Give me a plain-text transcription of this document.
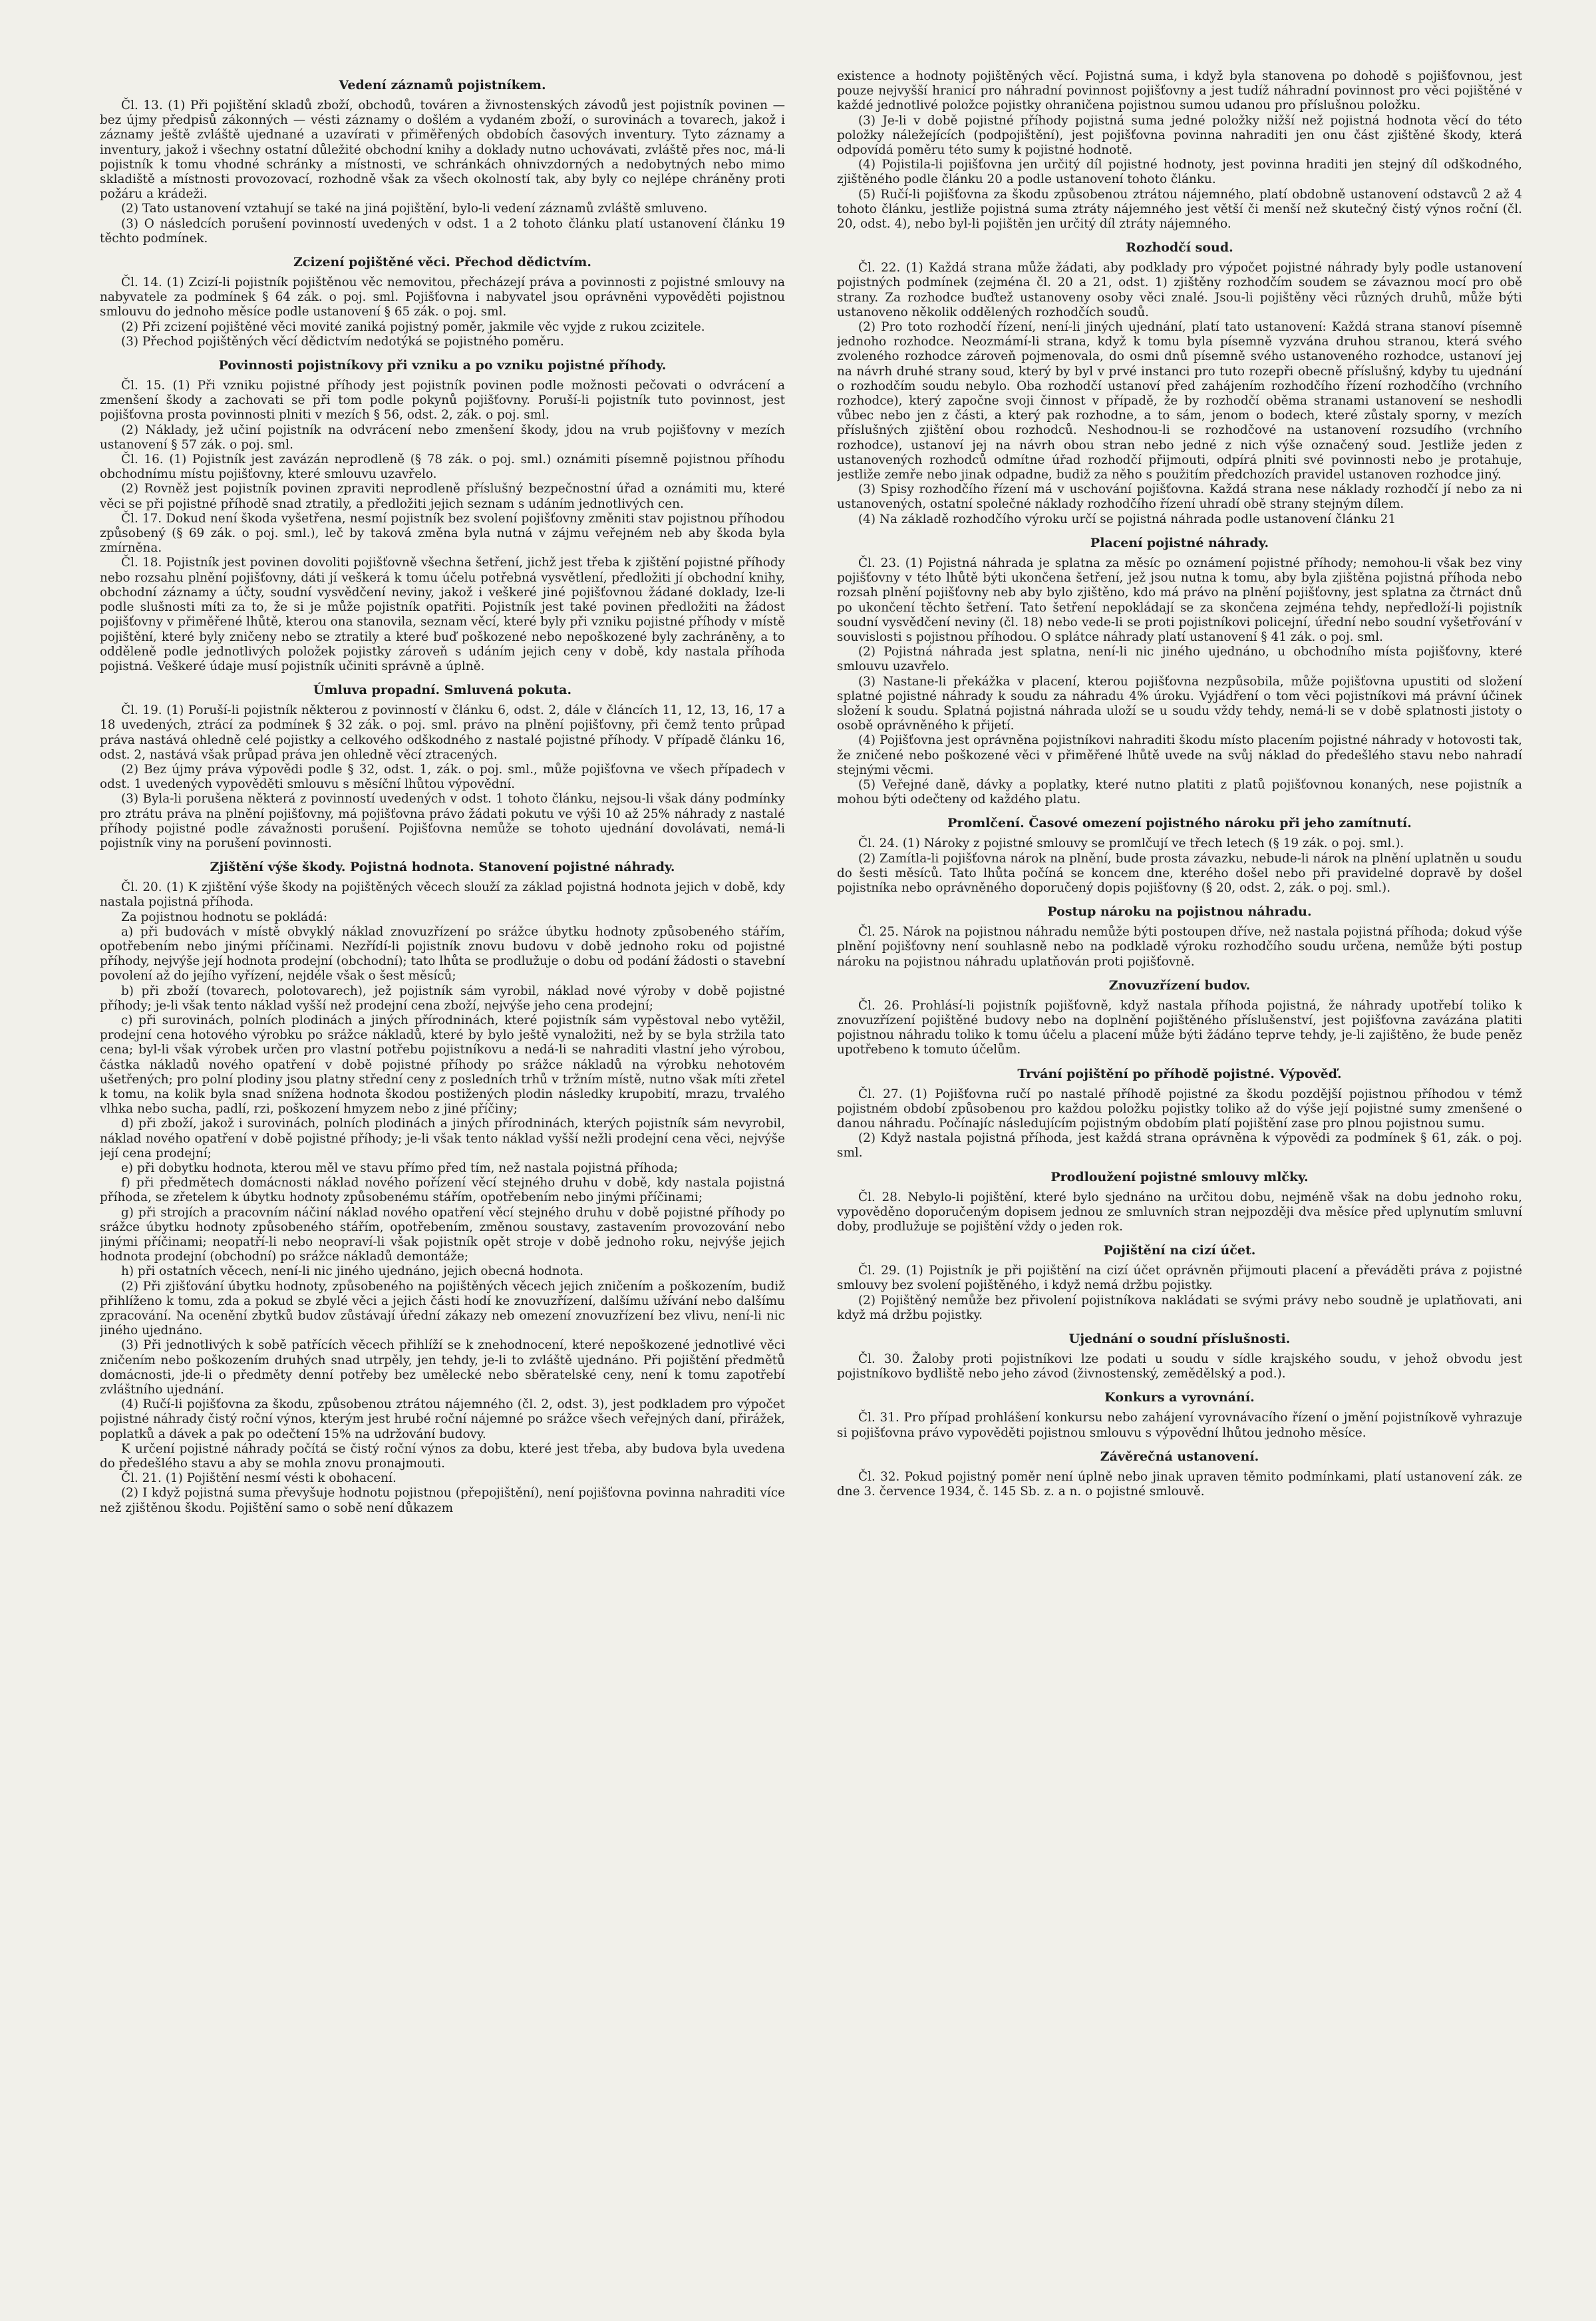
Vedení záznamů pojistníkem.

Čl. 13. (1) Při pojištění skladů zboží, obchodů, továren a živnostenských závodů jest pojistník povinen — bez újmy předpisů zákonných — vésti záznamy o došlém a vydaném zboží, o surovinách a tovarech, jakož i záznamy ještě zvláště ujednané a uzavírati v přiměřených obdobích časových inventury. Tyto záznamy a inventury, jakož i všechny ostatní důležité obchodní knihy a doklady nutno uchovávati, zvláště přes noc, má-li pojistník k tomu vhodné schránky a místnosti, ve schránkách ohnivzdorných a nedobytných nebo mimo skladiště a místnosti provozovací, rozhodně však za všech okolností tak, aby byly co nejlépe chráněny proti požáru a krádeži.

(2) Tato ustanovení vztahují se také na jiná pojištění, bylo-li vedení záznamů zvláště smluveno.

(3) O následcích porušení povinností uvedených v odst. 1 a 2 tohoto článku platí ustanovení článku 19 těchto podmínek.

Zcizení pojištěné věci. Přechod dědictvím.

Čl. 14. (1) Zcizí-li pojistník pojištěnou věc nemovitou, přecházejí práva a povinnosti z pojistné smlouvy na nabyvatele za podmínek § 64 zák. o poj. sml. Pojišťovna i nabyvatel jsou oprávněni vypověděti pojistnou smlouvu do jednoho měsíce podle ustanovení § 65 zák. o poj. sml.

(2) Při zcizení pojištěné věci movité zaniká pojistný poměr, jakmile věc vyjde z rukou zcizitele.

(3) Přechod pojištěných věcí dědictvím nedotýká se pojistného poměru.

Povinnosti pojistníkovy při vzniku a po vzniku pojistné příhody.

Čl. 15. (1) Při vzniku pojistné příhody jest pojistník povinen podle možnosti pečovati o odvrácení a zmenšení škody a zachovati se při tom podle pokynů pojišťovny. Poruší-li pojistník tuto povinnost, jest pojišťovna prosta povinnosti plniti v mezích § 56, odst. 2, zák. o poj. sml.

(2) Náklady, jež učiní pojistník na odvrácení nebo zmenšení škody, jdou na vrub pojišťovny v mezích ustanovení § 57 zák. o poj. sml.

Čl. 16. (1) Pojistník jest zavázán neprodleně (§ 78 zák. o poj. sml.) oznámiti písemně pojistnou příhodu obchodnímu místu pojišťovny, které smlouvu uzavřelo.

(2) Rovněž jest pojistník povinen zpraviti neprodleně příslušný bezpečnostní úřad a oznámiti mu, které věci se při pojistné příhodě snad ztratily, a předložiti jejich seznam s udáním jednotlivých cen.

Čl. 17. Dokud není škoda vyšetřena, nesmí pojistník bez svolení pojišťovny změniti stav pojistnou příhodou způsobený (§ 69 zák. o poj. sml.), leč by taková změna byla nutná v zájmu veřejném neb aby škoda byla zmírněna.

Čl. 18. Pojistník jest povinen dovoliti pojišťovně všechna šetření, jichž jest třeba k zjištění pojistné příhody nebo rozsahu plnění pojišťovny, dáti jí veškerá k tomu účelu potřebná vysvětlení, předložiti jí obchodní knihy, obchodní záznamy a účty, soudní vysvědčení neviny, jakož i veškeré jiné pojišťovnou žádané doklady, lze-li podle slušnosti míti za to, že si je může pojistník opatřiti. Pojistník jest také povinen předložiti na žádost pojišťovny v přiměřené lhůtě, kterou ona stanovila, seznam věcí, které byly při vzniku pojistné příhody v místě pojištění, které byly zničeny nebo se ztratily a které buď poškozené nebo nepoškozené byly zachráněny, a to odděleně podle jednotlivých položek pojistky zároveň s udáním jejich ceny v době, kdy nastala příhoda pojistná. Veškeré údaje musí pojistník učiniti správně a úplně.

Úmluva propadní. Smluvená pokuta.

Čl. 19. (1) Poruší-li pojistník některou z povinností v článku 6, odst. 2, dále v článcích 11, 12, 13, 16, 17 a 18 uvedených, ztrácí za podmínek § 32 zák. o poj. sml. právo na plnění pojišťovny, při čemž tento průpad práva nastává ohledně celé pojistky a celkového odškodného z nastalé pojistné příhody. V případě článku 16, odst. 2, nastává však průpad práva jen ohledně věcí ztracených.

(2) Bez újmy práva výpovědi podle § 32, odst. 1, zák. o poj. sml., může pojišťovna ve všech případech v odst. 1 uvedených vypověděti smlouvu s měsíční lhůtou výpovědní.

(3) Byla-li porušena některá z povinností uvedených v odst. 1 tohoto článku, nejsou-li však dány podmínky pro ztrátu práva na plnění pojišťovny, má pojišťovna právo žádati pokutu ve výši 10 až 25% náhrady z nastalé příhody pojistné podle závažnosti porušení. Pojišťovna nemůže se tohoto ujednání dovolávati, nemá-li pojistník viny na porušení povinnosti.

Zjištění výše škody. Pojistná hodnota. Stanovení pojistné náhrady.

Čl. 20. (1) K zjištění výše škody na pojištěných věcech slouží za základ pojistná hodnota jejich v době, kdy nastala pojistná příhoda.

Za pojistnou hodnotu se pokládá:

a) při budovách v místě obvyklý náklad znovuzřízení po srážce úbytku hodnoty způsobeného stářím, opotřebením nebo jinými příčinami. Nezřídí-li pojistník znovu budovu v době jednoho roku od pojistné příhody, nejvýše její hodnota prodejní (obchodní); tato lhůta se prodlužuje o dobu od podání žádosti o stavební povolení až do jejího vyřízení, nejdéle však o šest měsíců;

b) při zboží (tovarech, polotovarech), jež pojistník sám vyrobil, náklad nové výroby v době pojistné příhody; je-li však tento náklad vyšší než prodejní cena zboží, nejvýše jeho cena prodejní;

c) při surovinách, polních plodinách a jiných přírodninách, které pojistník sám vypěstoval nebo vytěžil, prodejní cena hotového výrobku po srážce nákladů, které by bylo ještě vynaložiti, než by se byla stržila tato cena; byl-li však výrobek určen pro vlastní potřebu pojistníkovu a nedá-li se nahraditi vlastní jeho výrobou, částka nákladů nového opatření v době pojistné příhody po srážce nákladů na výrobku nehotovém ušetřených; pro polní plodiny jsou platny střední ceny z posledních trhů v tržním místě, nutno však míti zřetel k tomu, na kolik byla snad snížena hodnota škodou postižených plodin následky krupobití, mrazu, trvalého vlhka nebo sucha, padlí, rzi, poškození hmyzem nebo z jiné příčiny;

d) při zboží, jakož i surovinách, polních plodinách a jiných přírodninách, kterých pojistník sám nevyrobil, náklad nového opatření v době pojistné příhody; je-li však tento náklad vyšší nežli prodejní cena věci, nejvýše její cena prodejní;

e) při dobytku hodnota, kterou měl ve stavu přímo před tím, než nastala pojistná příhoda;

f) při předmětech domácnosti náklad nového pořízení věcí stejného druhu v době, kdy nastala pojistná příhoda, se zřetelem k úbytku hodnoty způsobenému stářím, opotřebením nebo jinými příčinami;

g) při strojích a pracovním náčiní náklad nového opatření věcí stejného druhu v době pojistné příhody po srážce úbytku hodnoty způsobeného stářím, opotřebením, změnou soustavy, zastavením provozování nebo jinými příčinami; neopatří-li nebo neopraví-li však pojistník opět stroje v době jednoho roku, nejvýše jejich hodnota prodejní (obchodní) po srážce nákladů demontáže;

h) při ostatních věcech, není-li nic jiného ujednáno, jejich obecná hodnota.

(2) Při zjišťování úbytku hodnoty, způsobeného na pojištěných věcech jejich zničením a poškozením, budiž přihlíženo k tomu, zda a pokud se zbylé věci a jejich části hodí ke znovuzřízení, dalšímu užívání nebo dalšímu zpracování. Na ocenění zbytků budov zůstávají úřední zákazy neb omezení znovuzřízení bez vlivu, není-li nic jiného ujednáno.

(3) Při jednotlivých k sobě patřících věcech přihlíží se k znehodnocení, které nepoškozené jednotlivé věci zničením nebo poškozením druhých snad utrpěly, jen tehdy, je-li to zvláště ujednáno. Při pojištění předmětů domácnosti, jde-li o předměty denní potřeby bez umělecké nebo sběratelské ceny, není k tomu zapotřebí zvláštního ujednání.

(4) Ručí-li pojišťovna za škodu, způsobenou ztrátou nájemného (čl. 2, odst. 3), jest podkladem pro výpočet pojistné náhrady čistý roční výnos, kterým jest hrubé roční nájemné po srážce všech veřejných daní, přirážek, poplatků a dávek a pak po odečtení 15% na udržování budovy.

K určení pojistné náhrady počítá se čistý roční výnos za dobu, které jest třeba, aby budova byla uvedena do předešlého stavu a aby se mohla znovu pronajmouti.

Čl. 21. (1) Pojištění nesmí vésti k obohacení.

(2) I když pojistná suma převyšuje hodnotu pojistnou (přepojištění), není pojišťovna povinna nahraditi více než zjištěnou škodu. Pojištění samo o sobě není důkazem

existence a hodnoty pojištěných věcí. Pojistná suma, i když byla stanovena po dohodě s pojišťovnou, jest pouze nejvyšší hranicí pro náhradní povinnost pojišťovny a jest tudíž náhradní povinnost pro věci pojištěné v každé jednotlivé položce pojistky ohraničena pojistnou sumou udanou pro příslušnou položku.

(3) Je-li v době pojistné příhody pojistná suma jedné položky nižší než pojistná hodnota věcí do této položky náležejících (podpojištění), jest pojišťovna povinna nahraditi jen onu část zjištěné škody, která odpovídá poměru této sumy k pojistné hodnotě.

(4) Pojistila-li pojišťovna jen určitý díl pojistné hodnoty, jest povinna hraditi jen stejný díl odškodného, zjištěného podle článku 20 a podle ustanovení tohoto článku.

(5) Ručí-li pojišťovna za škodu způsobenou ztrátou nájemného, platí obdobně ustanovení odstavců 2 až 4 tohoto článku, jestliže pojistná suma ztráty nájemného jest větší či menší než skutečný čistý výnos roční (čl. 20, odst. 4), nebo byl-li pojištěn jen určitý díl ztráty nájemného.

Rozhodčí soud.

Čl. 22. (1) Každá strana může žádati, aby podklady pro výpočet pojistné náhrady byly podle ustanovení pojistných podmínek (zejména čl. 20 a 21, odst. 1) zjištěny rozhodčím soudem se závaznou mocí pro obě strany. Za rozhodce buďtež ustanoveny osoby věci znalé. Jsou-li pojištěny věci různých druhů, může býti ustanoveno několik oddělených rozhodčích soudů.

(2) Pro toto rozhodčí řízení, není-li jiných ujednání, platí tato ustanovení: Každá strana stanoví písemně jednoho rozhodce. Neozmámí-li strana, když k tomu byla písemně vyzvána druhou stranou, která svého zvoleného rozhodce zároveň pojmenovala, do osmi dnů písemně svého ustanoveného rozhodce, ustanoví jej na návrh druhé strany soud, který by byl v prvé instanci pro tuto rozepři obecně příslušný, kdyby tu ujednání o rozhodčím soudu nebylo. Oba rozhodčí ustanoví před zahájením rozhodčího řízení rozhodčího (vrchního rozhodce), který započne svoji činnost v případě, že by rozhodčí oběma stranami ustanovení se neshodli vůbec nebo jen z části, a který pak rozhodne, a to sám, jenom o bodech, které zůstaly sporny, v mezích příslušných zjištění obou rozhodců. Neshodnou-li se rozhodčové na ustanovení rozsudího (vrchního rozhodce), ustanoví jej na návrh obou stran nebo jedné z nich výše označený soud. Jestliže jeden z ustanovených rozhodců odmítne úřad rozhodčí přijmouti, odpírá plniti své povinnosti nebo je protahuje, jestliže zemře nebo jinak odpadne, budiž za něho s použitím předchozích pravidel ustanoven rozhodce jiný.

(3) Spisy rozhodčího řízení má v uschování pojišťovna. Každá strana nese náklady rozhodčí jí nebo za ni ustanovených, ostatní společné náklady rozhodčího řízení uhradí obě strany stejným dílem.

(4) Na základě rozhodčího výroku určí se pojistná náhrada podle ustanovení článku 21

Placení pojistné náhrady.

Čl. 23. (1) Pojistná náhrada je splatna za měsíc po oznámení pojistné příhody; nemohou-li však bez viny pojišťovny v této lhůtě býti ukončena šetření, jež jsou nutna k tomu, aby byla zjištěna pojistná příhoda nebo rozsah plnění pojišťovny neb aby bylo zjištěno, kdo má právo na plnění pojišťovny, jest splatna za čtrnáct dnů po ukončení těchto šetření. Tato šetření nepokládají se za skončena zejména tehdy, nepředloží-li pojistník soudní vysvědčení neviny (čl. 18) nebo vede-li se proti pojistníkovi policejní, úřední nebo soudní vyšetřování v souvislosti s pojistnou příhodou. O splátce náhrady platí ustanovení § 41 zák. o poj. sml.

(2) Pojistná náhrada jest splatna, není-li nic jiného ujednáno, u obchodního místa pojišťovny, které smlouvu uzavřelo.

(3) Nastane-li překážka v placení, kterou pojišťovna nezpůsobila, může pojišťovna upustiti od složení splatné pojistné náhrady k soudu za náhradu 4% úroku. Vyjádření o tom věci pojistníkovi má právní účinek složení k soudu. Splatná pojistná náhrada uloží se u soudu vždy tehdy, nemá-li se v době splatnosti jistoty o osobě oprávněného k přijetí.

(4) Pojišťovna jest oprávněna pojistníkovi nahraditi škodu místo placením pojistné náhrady v hotovosti tak, že zničené nebo poškozené věci v přiměřené lhůtě uvede na svůj náklad do předešlého stavu nebo nahradí stejnými věcmi.

(5) Veřejné daně, dávky a poplatky, které nutno platiti z platů pojišťovnou konaných, nese pojistník a mohou býti odečteny od každého platu.

Promlčení. Časové omezení pojistného nároku při jeho zamítnutí.

Čl. 24. (1) Nároky z pojistné smlouvy se promlčují ve třech letech (§ 19 zák. o poj. sml.).

(2) Zamítla-li pojišťovna nárok na plnění, bude prosta závazku, nebude-li nárok na plnění uplatněn u soudu do šesti měsíců. Tato lhůta počíná se koncem dne, kterého došel nebo při pravidelné dopravě by došel pojistníka nebo oprávněného doporučený dopis pojišťovny (§ 20, odst. 2, zák. o poj. sml.).

Postup nároku na pojistnou náhradu.

Čl. 25. Nárok na pojistnou náhradu nemůže býti postoupen dříve, než nastala pojistná příhoda; dokud výše plnění pojišťovny není souhlasně nebo na podkladě výroku rozhodčího soudu určena, nemůže býti postup nároku na pojistnou náhradu uplatňován proti pojišťovně.

Znovuzřízení budov.

Čl. 26. Prohlásí-li pojistník pojišťovně, když nastala příhoda pojistná, že náhrady upotřebí toliko k znovuzřízení pojištěné budovy nebo na doplnění pojištěného příslušenství, jest pojišťovna zavázána platiti pojistnou náhradu toliko k tomu účelu a placení může býti žádáno teprve tehdy, je-li zajištěno, že bude peněz upotřebeno k tomuto účelům.

Trvání pojištění po příhodě pojistné. Výpověď.

Čl. 27. (1) Pojišťovna ručí po nastalé příhodě pojistné za škodu pozdější pojistnou příhodou v témž pojistném období způsobenou pro každou položku pojistky toliko až do výše její pojistné sumy zmenšené o danou náhradu. Počínajíc následujícím pojistným obdobím platí pojištění zase pro plnou pojistnou sumu.

(2) Když nastala pojistná příhoda, jest každá strana oprávněna k výpovědi za podmínek § 61, zák. o poj. sml.

Prodloužení pojistné smlouvy mlčky.

Čl. 28. Nebylo-li pojištění, které bylo sjednáno na určitou dobu, nejméně však na dobu jednoho roku, vypověděno doporučeným dopisem jednou ze smluvních stran nejpozději dva měsíce před uplynutím smluvní doby, prodlužuje se pojištění vždy o jeden rok.

Pojištění na cizí účet.

Čl. 29. (1) Pojistník je při pojištění na cizí účet oprávněn přijmouti placení a převáděti práva z pojistné smlouvy bez svolení pojištěného, i když nemá držbu pojistky.

(2) Pojištěný nemůže bez přivolení pojistníkova nakládati se svými právy nebo soudně je uplatňovati, ani když má držbu pojistky.

Ujednání o soudní příslušnosti.

Čl. 30. Žaloby proti pojistníkovi lze podati u soudu v sídle krajského soudu, v jehož obvodu jest pojistníkovo bydliště nebo jeho závod (živnostenský, zemědělský a pod.).

Konkurs a vyrovnání.

Čl. 31. Pro případ prohlášení konkursu nebo zahájení vyrovnávacího řízení o jmění pojistníkově vyhrazuje si pojišťovna právo vypověděti pojistnou smlouvu s výpovědní lhůtou jednoho měsíce.

Závěrečná ustanovení.

Čl. 32. Pokud pojistný poměr není úplně nebo jinak upraven těmito podmínkami, platí ustanovení zák. ze dne 3. července 1934, č. 145 Sb. z. a n. o pojistné smlouvě.
